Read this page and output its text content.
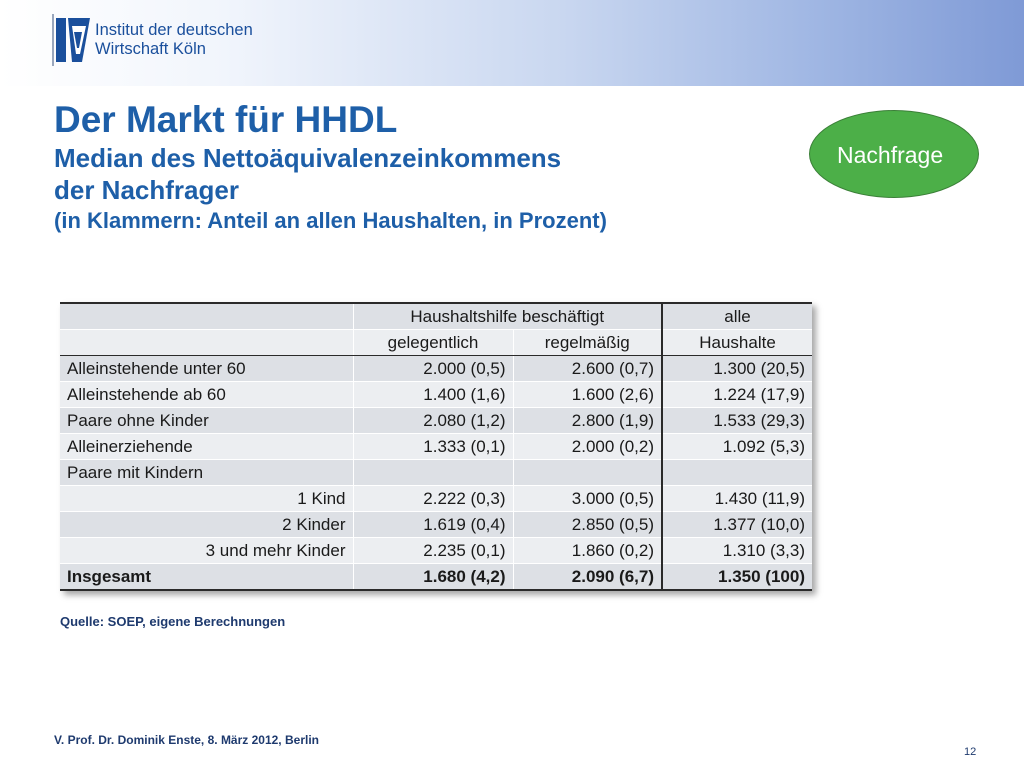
Institut der deutschen
Wirtschaft Köln
Der Markt für HHDL
Median des Nettoäquivalenzeinkommens
der Nachfrager
(in Klammern: Anteil an allen Haushalten, in Prozent)
Nachfrage
	Haushaltshilfe beschäftigt		alle
	gelegentlich	regelmäßig	Haushalte
Alleinstehende unter 60	2.000 (0,5)	2.600 (0,7)	1.300 (20,5)
Alleinstehende ab 60	1.400 (1,6)	1.600 (2,6)	1.224 (17,9)
Paare ohne Kinder	2.080 (1,2)	2.800 (1,9)	1.533 (29,3)
Alleinerziehende	1.333 (0,1)	2.000 (0,2)	1.092 (5,3)
Paare mit Kindern			
1 Kind	2.222 (0,3)	3.000 (0,5)	1.430 (11,9)
2 Kinder	1.619 (0,4)	2.850 (0,5)	1.377 (10,0)
3 und mehr Kinder	2.235 (0,1)	1.860 (0,2)	1.310 (3,3)
Insgesamt	1.680 (4,2)	2.090 (6,7)	1.350 (100)
Quelle: SOEP, eigene Berechnungen
V. Prof. Dr. Dominik Enste, 8. März 2012, Berlin
12
